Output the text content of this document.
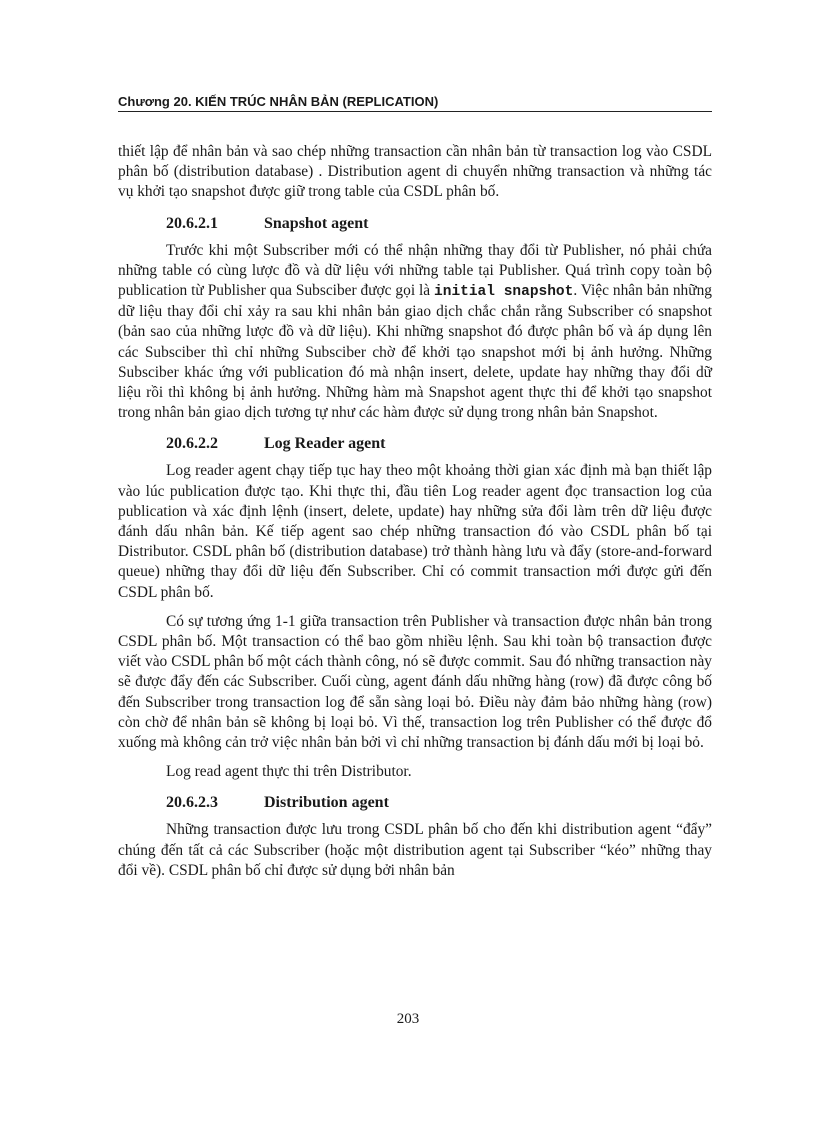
Chương 20. KIẾN TRÚC NHÂN BẢN (REPLICATION)

thiết lập để nhân bản và sao chép những transaction cần nhân bản từ transaction log vào CSDL phân bố (distribution database) . Distribution agent di chuyển những transaction và những tác vụ khởi tạo snapshot được giữ trong table của CSDL phân bố.

20.6.2.1	Snapshot agent

Trước khi một Subscriber mới có thể nhận những thay đổi từ Publisher, nó phải chứa những table có cùng lược đồ và dữ liệu với những table tại Publisher. Quá trình copy toàn bộ publication từ Publisher qua Subsciber được gọi là initial snapshot. Việc nhân bản những dữ liệu thay đổi chỉ xảy ra sau khi nhân bản giao dịch chắc chắn rằng Subscriber có snapshot (bản sao của những lược đồ và dữ liệu). Khi những snapshot đó được phân bố và áp dụng lên các Subsciber thì chỉ những Subsciber chờ để khởi tạo snapshot mới bị ảnh hưởng. Những Subsciber khác ứng với publication đó mà nhận insert, delete, update hay những thay đổi dữ liệu rồi thì không bị ảnh hưởng. Những hàm mà Snapshot agent thực thi để khởi tạo snapshot trong nhân bản giao dịch tương tự như các hàm được sử dụng trong nhân bản Snapshot.

20.6.2.2	Log Reader agent

Log reader agent chạy tiếp tục hay theo một khoảng thời gian xác định mà bạn thiết lập vào lúc publication được tạo. Khi thực thi, đầu tiên Log reader agent đọc transaction log của publication và xác định lệnh (insert, delete, update) hay những sửa đổi làm trên dữ liệu được đánh dấu nhân bản. Kế tiếp agent sao chép những transaction đó vào CSDL phân bố tại Distributor. CSDL phân bố (distribution database) trở thành hàng lưu và đẩy (store-and-forward queue) những thay đổi dữ liệu đến Subscriber. Chỉ có commit transaction mới được gửi đến CSDL phân bố.

Có sự tương ứng 1-1 giữa transaction trên Publisher và transaction được nhân bản trong CSDL phân bố. Một transaction có thể bao gồm nhiều lệnh. Sau khi toàn bộ transaction được viết vào CSDL phân bố một cách thành công, nó sẽ được commit. Sau đó những transaction này sẽ được đẩy đến các Subscriber. Cuối cùng, agent đánh dấu những hàng (row) đã được công bố đến Subscriber trong transaction log để sẵn sàng loại bỏ. Điều này đảm bảo những hàng (row) còn chờ để nhân bản sẽ không bị loại bỏ. Vì thế, transaction log trên Publisher có thể được đổ xuống mà không cản trở việc nhân bản bởi vì chỉ những transaction bị đánh dấu mới bị loại bỏ.

Log read agent thực thi trên Distributor.

20.6.2.3	Distribution agent

Những transaction được lưu trong CSDL phân bố cho đến khi distribution agent “đẩy” chúng đến tất cả các Subscriber (hoặc một distribution agent tại Subscriber “kéo” những thay đổi về). CSDL phân bố chỉ được sử dụng bởi nhân bản

203
